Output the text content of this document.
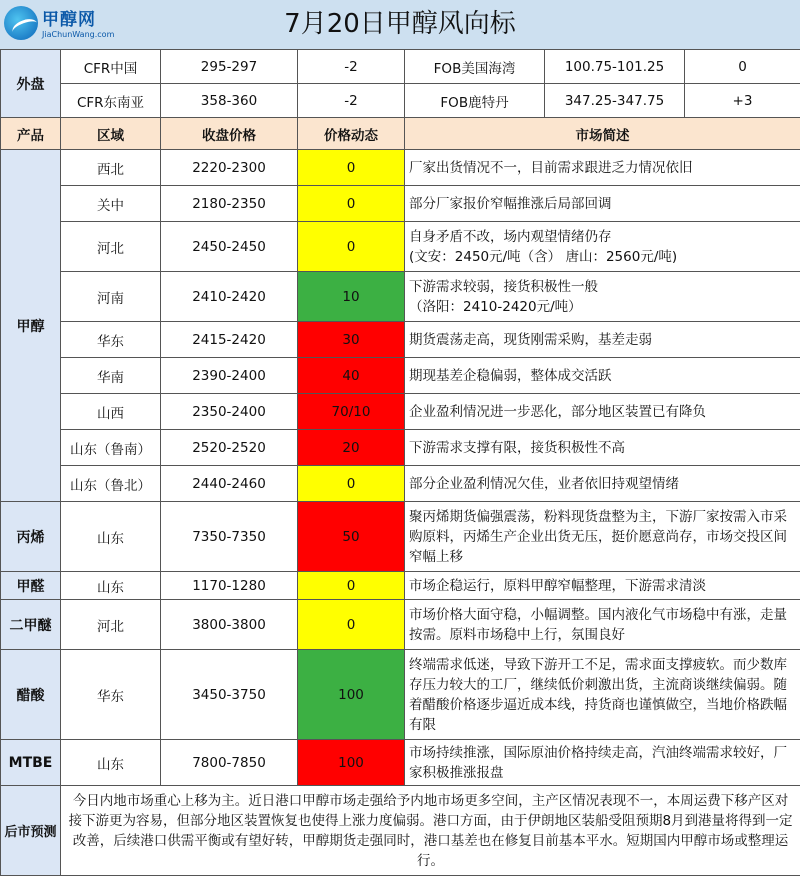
甲醇网
JiaChunWang.com	7月20日甲醇风向标
外盘	CFR中国	295-297	-2	FOB美国海湾	100.75-101.25	0
	CFR东南亚	358-360	-2	FOB鹿特丹	347.25-347.75	+3
产品	区域	收盘价格	价格动态	市场简述		
甲醇	西北	2220-2300	0	厂家出货情况不一，目前需求跟进乏力情况依旧		

	关中	2180-2350	0	部分厂家报价窄幅推涨后局部回调		

	河北	2450-2450	0	自身矛盾不改，场内观望情绪仍存
(文安：2450元/吨（含） 唐山：2560元/吨)		

	河南	2410-2420	10	下游需求较弱，接货积极性一般
（洛阳：2410-2420元/吨）		

	华东	2415-2420	30	期货震荡走高，现货刚需采购，基差走弱		

	华南	2390-2400	40	期现基差企稳偏弱，整体成交活跃		

	山西	2350-2400	70/10	企业盈利情况进一步恶化，部分地区装置已有降负		

	山东（鲁南）	2520-2520	20	下游需求支撑有限，接货积极性不高		

	山东（鲁北）	2440-2460	0	部分企业盈利情况欠佳，业者依旧持观望情绪		

丙烯	山东	7350-7350	50	聚丙烯期货偏强震荡，粉料现货盘整为主，下游厂家按需入市采购原料，丙烯生产企业出货无压，挺价愿意尚存，市场交投区间窄幅上移		

甲醛	山东	1170-1280	0	市场企稳运行，原料甲醇窄幅整理，下游需求清淡		

二甲醚	河北	3800-3800	0	市场价格大面守稳，小幅调整。国内液化气市场稳中有涨，走量按需。原料市场稳中上行，氛围良好		

醋酸	华东	3450-3750	100	终端需求低迷，导致下游开工不足，需求面支撑疲软。而少数库存压力较大的工厂，继续低价刺激出货，主流商谈继续偏弱。随着醋酸价格逐步逼近成本线，持货商也谨慎做空，当地价格跌幅有限		

MTBE	山东	7800-7850	100	市场持续推涨，国际原油价格持续走高，汽油终端需求较好，厂家积极推涨报盘		

后市预测	今日内地市场重心上移为主。近日港口甲醇市场走强给予内地市场更多空间，主产区情况表现不一，本周运费下移产区对接下游更为容易，但部分地区装置恢复也使得上涨力度偏弱。港口方面，由于伊朗地区装船受阻预期8月到港量将得到一定改善，后续港口供需平衡或有望好转，甲醇期货走强同时，港口基差也在修复目前基本平水。短期国内甲醇市场或整理运行。					
